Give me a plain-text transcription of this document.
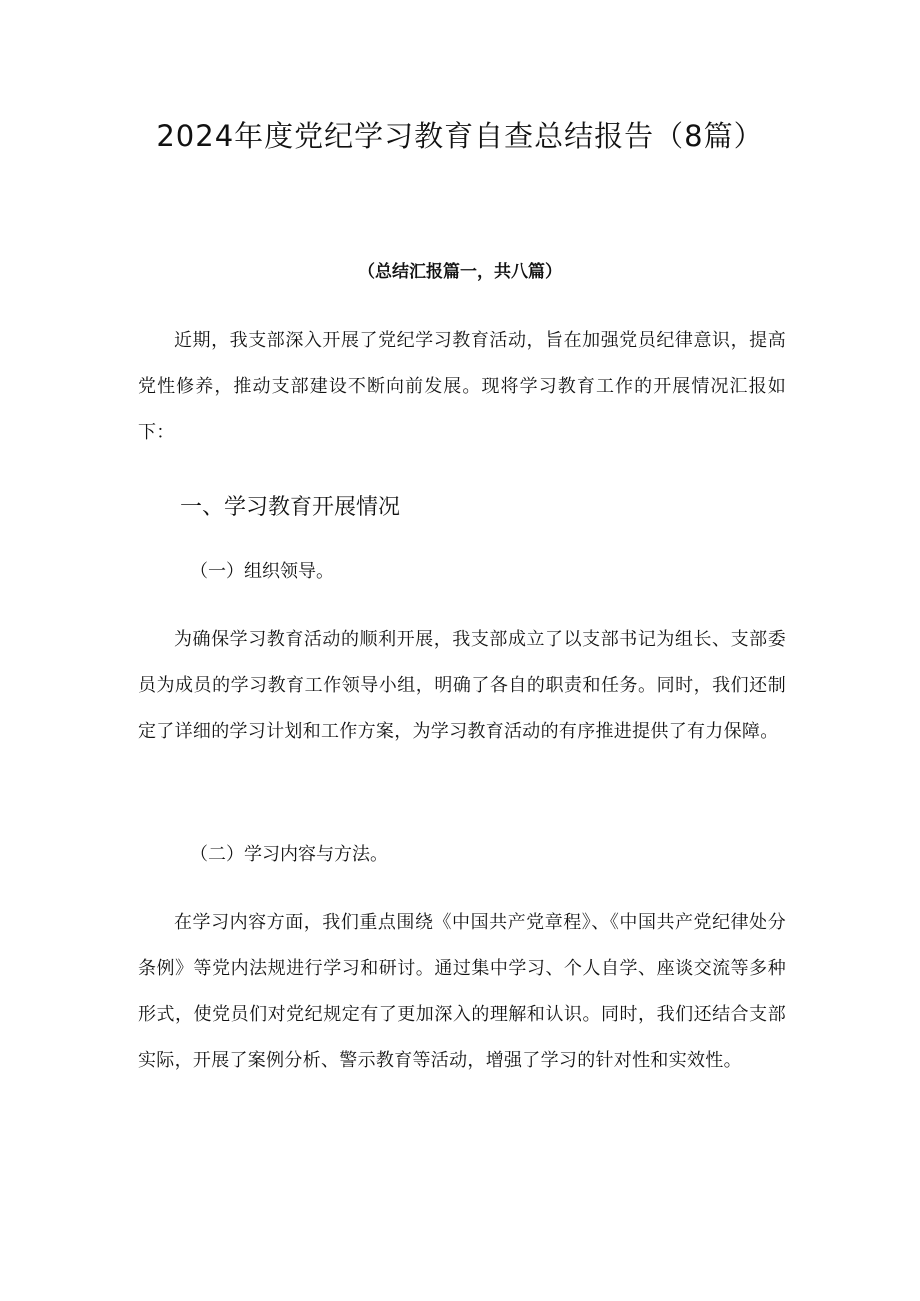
2024年度党纪学习教育自查总结报告（8篇）
（总结汇报篇一，共八篇）

近期，我支部深入开展了党纪学习教育活动，旨在加强党员纪律意识，提高党性修养，推动支部建设不断向前发展。现将学习教育工作的开展情况汇报如下：

一、学习教育开展情况
（一）组织领导。

为确保学习教育活动的顺利开展，我支部成立了以支部书记为组长、支部委员为成员的学习教育工作领导小组，明确了各自的职责和任务。同时，我们还制定了详细的学习计划和工作方案，为学习教育活动的有序推进提供了有力保障。

（二）学习内容与方法。

在学习内容方面，我们重点围绕《中国共产党章程》、《中国共产党纪律处分条例》等党内法规进行学习和研讨。通过集中学习、个人自学、座谈交流等多种形式，使党员们对党纪规定有了更加深入的理解和认识。同时，我们还结合支部实际，开展了案例分析、警示教育等活动，增强了学习的针对性和实效性。
